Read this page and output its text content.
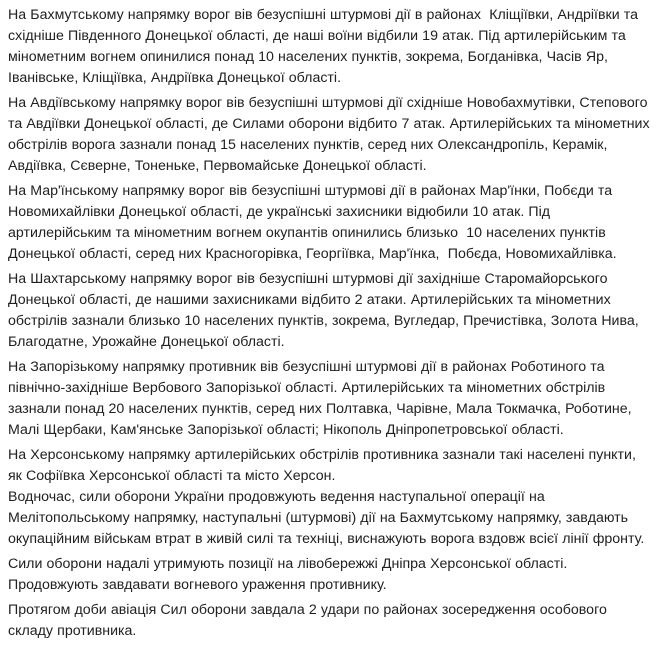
На Бахмутському напрямку ворог вів безуспішні штурмові дії в районах  Кліщіївки, Андріївки та східніше Південного Донецької області, де наші воїни відбили 19 атак. Під артилерійським та мінометним вогнем опинилися понад 10 населених пунктів, зокрема, Богданівка, Часів Яр, Іванівське, Кліщіївка, Андріївка Донецької області.

На Авдіївському напрямку ворог вів безуспішні штурмові дії східніше Новобахмутівки, Степового та Авдіївки Донецької області, де Силами оборони відбито 7 атак. Артилерійських та мінометних обстрілів ворога зазнали понад 15 населених пунктів, серед них Олександропіль, Керамік, Авдіївка, Сєверне, Тоненьке, Первомайське Донецької області.

На Мар'їнському напрямку ворог вів безуспішні штурмові дії в районах Мар'їнки, Побєди та Новомихайлівки Донецької області, де українські захисники відюбили 10 атак. Під артилерійським та мінометним вогнем окупантів опинились близько  10 населених пунктів Донецької області, серед них Красногорівка, Георгіївка, Мар'їнка,  Побєда, Новомихайлівка.

На Шахтарському напрямку ворог вів безуспішні штурмові дії західніше Старомайорського Донецької області, де нашими захисниками відбито 2 атаки. Артилерійських та мінометних обстрілів зазнали близько 10 населених пунктів, зокрема, Вугледар, Пречистівка, Золота Нива, Благодатне, Урожайне Донецької області.

На Запорізькому напрямку противник вів безуспішні штурмові дії в районах Роботиного та північно-західніше Вербового Запорізької області. Артилерійських та мінометних обстрілів зазнали понад 20 населених пунктів, серед них Полтавка, Чарівне, Мала Токмачка, Роботине, Малі Щербаки, Кам'янське Запорізької області; Нікополь Дніпропетровської області.

На Херсонському напрямку артилерійських обстрілів противника зазнали такі населені пункти, як Софіївка Херсонської області та місто Херсон.

Водночас, сили оборони України продовжують ведення наступальної операції на Мелітопольському напрямку, наступальні (штурмові) дії на Бахмутському напрямку, завдають окупаційним військам втрат в живій силі та техніці, виснажують ворога вздовж всієї лінії фронту.

Сили оборони надалі утримують позиції на лівобережжі Дніпра Херсонської області. Продовжують завдавати вогневого ураження противнику.

Протягом доби авіація Сил оборони завдала 2 удари по районах зосередження особового складу противника.
